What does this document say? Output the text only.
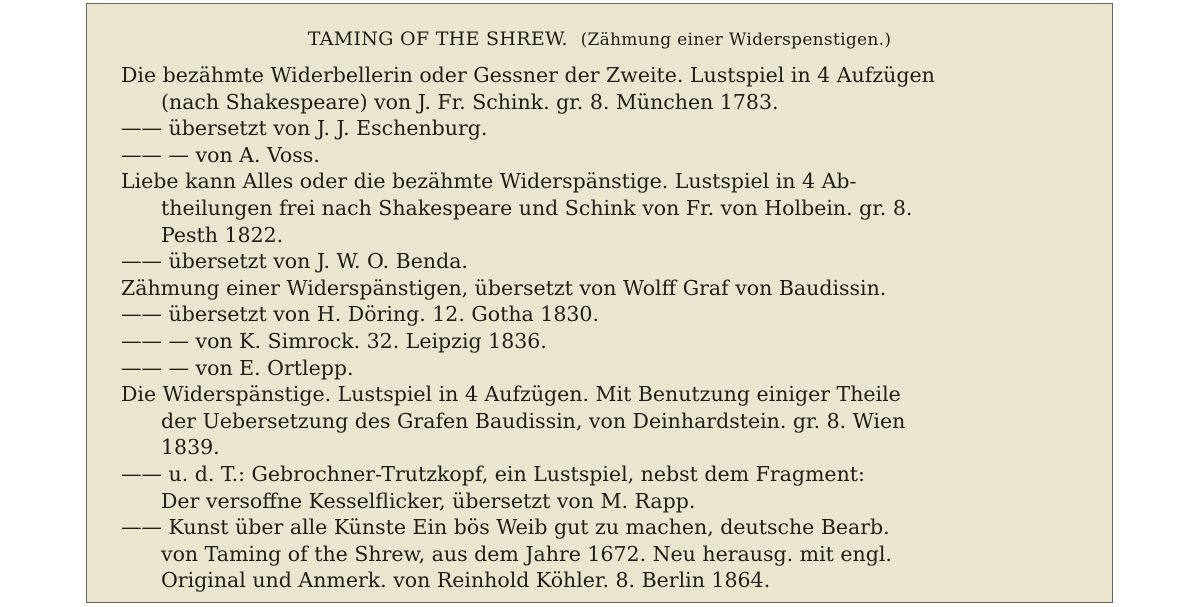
TAMING OF THE SHREW. (Zähmung einer Widerspenstigen.)
Die bezähmte Widerbellerin oder Gessner der Zweite. Lustspiel in 4 Aufzügen
(nach Shakespeare) von J. Fr. Schink. gr. 8. München 1783.
—— übersetzt von J. J. Eschenburg.
—— — von A. Voss.
Liebe kann Alles oder die bezähmte Widerspänstige. Lustspiel in 4 Ab-
theilungen frei nach Shakespeare und Schink von Fr. von Holbein. gr. 8.
Pesth 1822.
—— übersetzt von J. W. O. Benda.
Zähmung einer Widerspänstigen, übersetzt von Wolff Graf von Baudissin.
—— übersetzt von H. Döring. 12. Gotha 1830.
—— — von K. Simrock. 32. Leipzig 1836.
—— — von E. Ortlepp.
Die Widerspänstige. Lustspiel in 4 Aufzügen. Mit Benutzung einiger Theile
der Uebersetzung des Grafen Baudissin, von Deinhardstein. gr. 8. Wien
1839.
—— u. d. T.: Gebrochner-Trutzkopf, ein Lustspiel, nebst dem Fragment:
Der versoffne Kesselflicker, übersetzt von M. Rapp.
—— Kunst über alle Künste Ein bös Weib gut zu machen, deutsche Bearb.
von Taming of the Shrew, aus dem Jahre 1672. Neu herausg. mit engl.
Original und Anmerk. von Reinhold Köhler. 8. Berlin 1864.
